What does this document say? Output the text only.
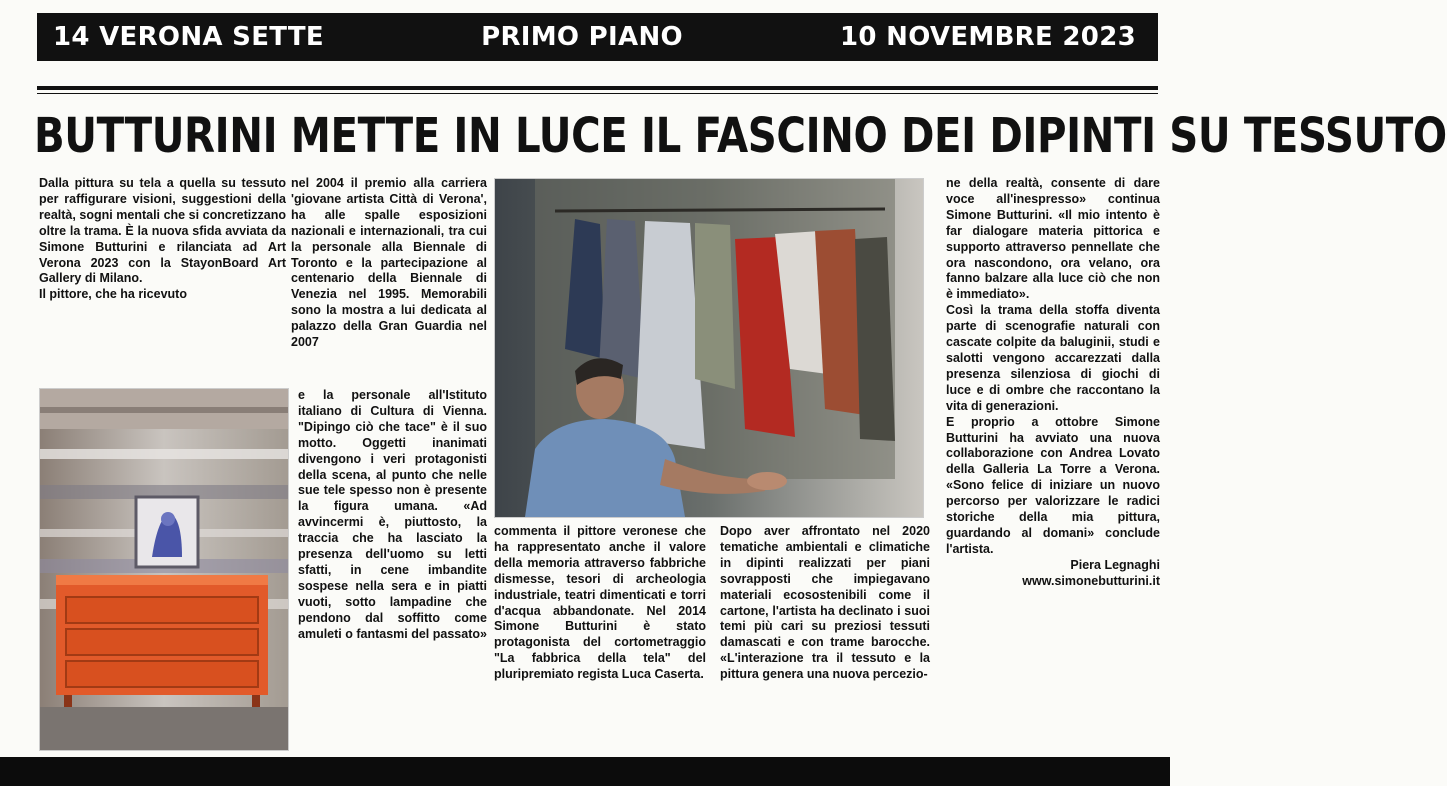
14 VERONA SETTE	PRIMO PIANO	10 NOVEMBRE 2023
BUTTURINI METTE IN LUCE IL FASCINO DEI DIPINTI SU TESSUTO

Dalla pittura su tela a quella su tessuto per raffigurare visioni, suggestioni della realtà, sogni mentali che si concretizzano oltre la trama. È la nuova sfida avviata da Simone Butturini e rilanciata ad Art Verona 2023 con la StayonBoard Art Gallery di Milano.

Il pittore, che ha ricevuto

nel 2004 il premio alla carriera 'giovane artista Città di Verona', ha alle spalle esposizioni nazionali e internazionali, tra cui la personale alla Biennale di Toronto e la partecipazione al centenario della Biennale di Venezia nel 1995. Memorabili sono la mostra a lui dedicata al palazzo della Gran Guardia nel 2007

e la personale all'Istituto italiano di Cultura di Vienna. "Dipingo ciò che tace" è il suo motto. Oggetti inanimati divengono i veri protagonisti della scena, al punto che nelle sue tele spesso non è presente la figura umana. «Ad avvincermi è, piuttosto, la traccia che ha lasciato la presenza dell'uomo su letti sfatti, in cene imbandite sospese nella sera e in piatti vuoti, sotto lampadine che pendono dal soffitto come amuleti o fantasmi del passato»

commenta il pittore veronese che ha rappresentato anche il valore della memoria attraverso fabbriche dismesse, tesori di archeologia industriale, teatri dimenticati e torri d'acqua abbandonate. Nel 2014 Simone Butturini è stato protagonista del cortometraggio "La fabbrica della tela" del pluripremiato regista Luca Caserta.

Dopo aver affrontato nel 2020 tematiche ambientali e climatiche in dipinti realizzati per piani sovrapposti che impiegavano materiali ecosostenibili come il cartone, l'artista ha declinato i suoi temi più cari su preziosi tessuti damascati e con trame barocche. «L'interazione tra il tessuto e la pittura genera una nuova percezio-

ne della realtà, consente di dare voce all'inespresso» continua Simone Butturini. «Il mio intento è far dialogare materia pittorica e supporto attraverso pennellate che ora nascondono, ora velano, ora fanno balzare alla luce ciò che non è immediato».

Così la trama della stoffa diventa parte di scenografie naturali con cascate colpite da baluginii, studi e salotti vengono accarezzati dalla presenza silenziosa di giochi di luce e di ombre che raccontano la vita di generazioni.

E proprio a ottobre Simone Butturini ha avviato una nuova collaborazione con Andrea Lovato della Galleria La Torre a Verona. «Sono felice di iniziare un nuovo percorso per valorizzare le radici storiche della mia pittura, guardando al domani» conclude l'artista.

Piera Legnaghi

www.simonebutturini.it
